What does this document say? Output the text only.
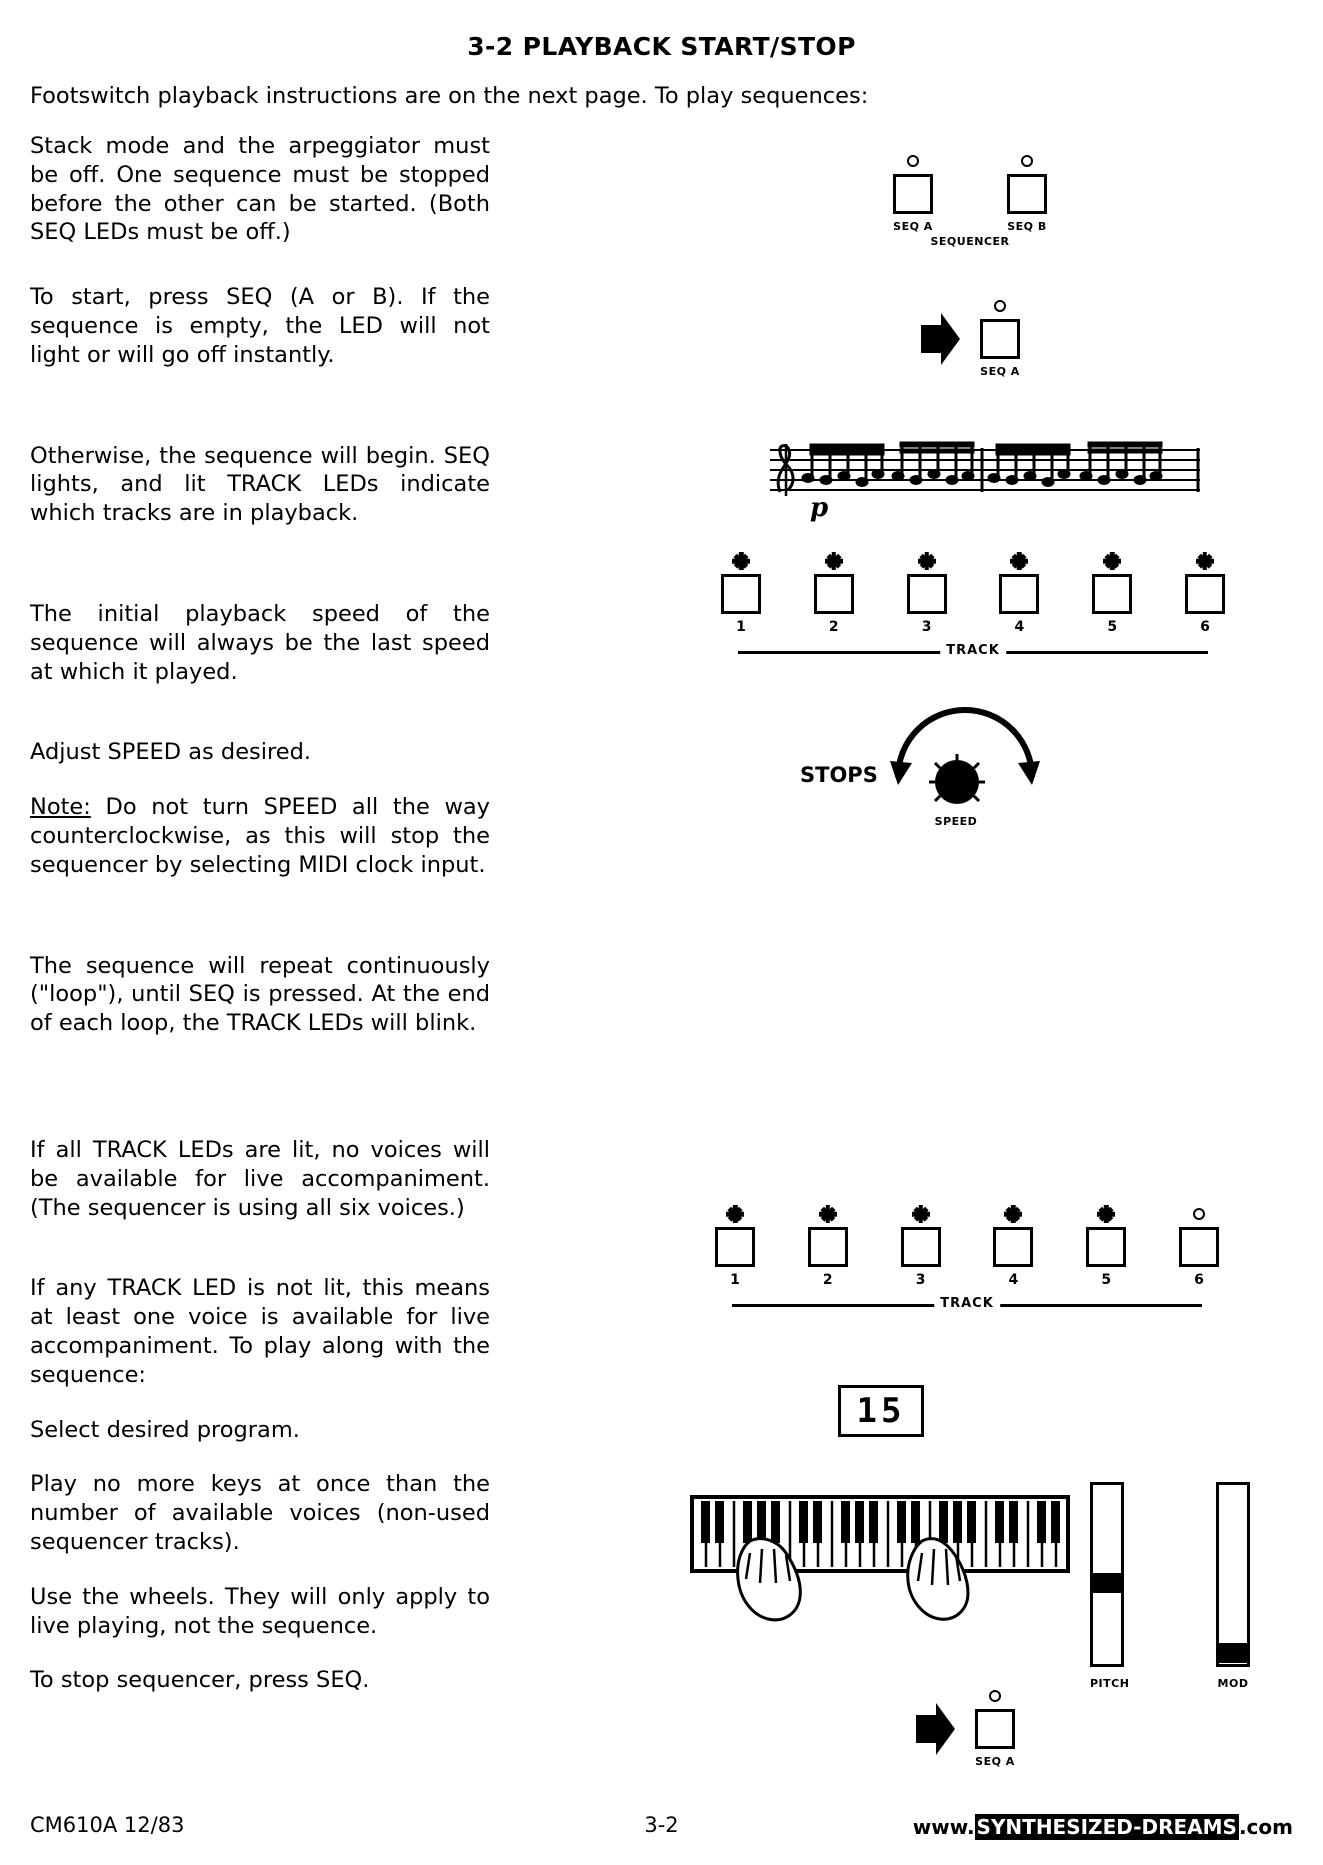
3-2 PLAYBACK START/STOP
Footswitch playback instructions are on the next page. To play sequences:

Stack mode and the arpeggiator must be off. One sequence must be stopped before the other can be started. (Both SEQ LEDs must be off.)

To start, press SEQ (A or B). If the sequence is empty, the LED will not light or will go off instantly.

Otherwise, the sequence will begin. SEQ lights, and lit TRACK LEDs indicate which tracks are in playback.

The initial playback speed of the sequence will always be the last speed at which it played.

Adjust SPEED as desired.

Note: Do not turn SPEED all the way counterclockwise, as this will stop the sequencer by selecting MIDI clock input.

The sequence will repeat continuously ("loop"), until SEQ is pressed. At the end of each loop, the TRACK LEDs will blink.

If all TRACK LEDs are lit, no voices will be available for live accompaniment. (The sequencer is using all six voices.)

If any TRACK LED is not lit, this means at least one voice is available for live accompaniment. To play along with the sequence:

Select desired program.

Play no more keys at once than the number of available voices (non-used sequencer tracks).

Use the wheels. They will only apply to live playing, not the sequence.

To stop sequencer, press SEQ.

SEQ A	SEQ B
SEQUENCER
SEQ A
p
1	2	3	4	5	6
TRACK
STOPS
SPEED
1	2	3	4	5	6
TRACK
15
PITCH	MOD
SEQ A
CM610A 12/83	3-2	www. SYNTHESIZED-DREAMS .com
